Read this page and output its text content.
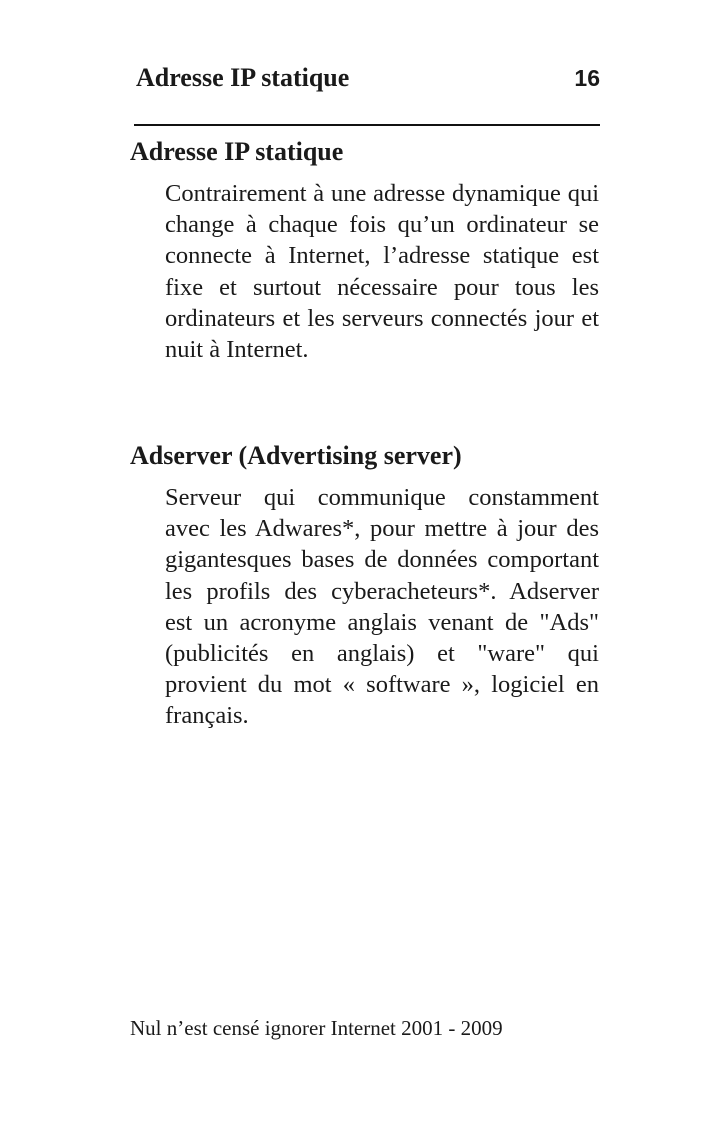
Adresse IP statique	16
Adresse IP statique

Contrairement à une adresse dynamique qui change à chaque fois qu’un ordinateur se connecte à Internet, l’adresse statique est fixe et surtout nécessaire pour tous les ordinateurs et les serveurs connectés jour et nuit à Internet.

Adserver (Advertising server)

Serveur qui communique constamment avec les Adwares*, pour mettre à jour des gigantesques bases de données comportant les profils des cyberacheteurs*. Adserver est un acronyme anglais venant de "Ads" (publicités en anglais) et "ware" qui provient du mot « software », logiciel en français.

Nul n’est censé ignorer Internet 2001 - 2009
